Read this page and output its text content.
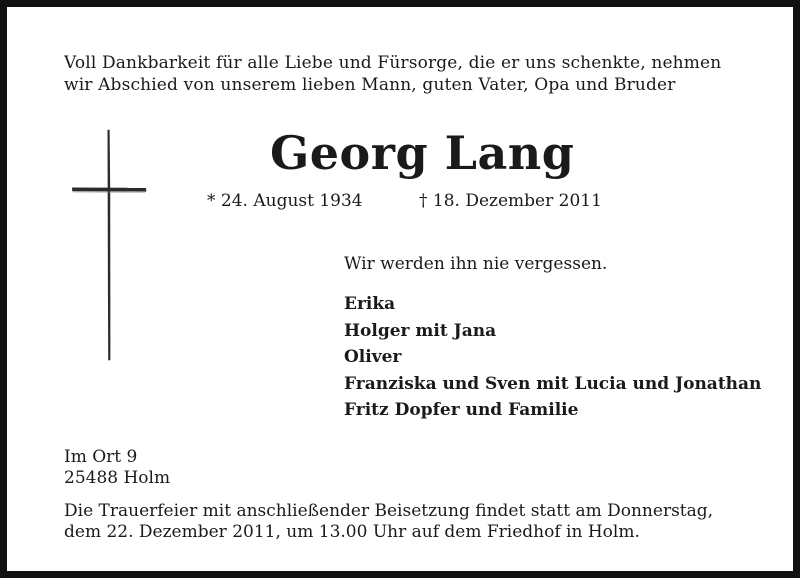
Voll Dankbarkeit für alle Liebe und Fürsorge, die er uns schenkte, nehmen
wir Abschied von unserem lieben Mann, guten Vater, Opa und Bruder

Georg Lang
* 24. August 1934	† 18. Dezember 2011
Wir werden ihn nie vergessen.
Erika
Holger mit Jana
Oliver
Franziska und Sven mit Lucia und Jonathan
Fritz Dopfer und Familie
Im Ort 9
25488 Holm

Die Trauerfeier mit anschließender Beisetzung findet statt am Donnerstag,
dem 22. Dezember 2011, um 13.00 Uhr auf dem Friedhof in Holm.
